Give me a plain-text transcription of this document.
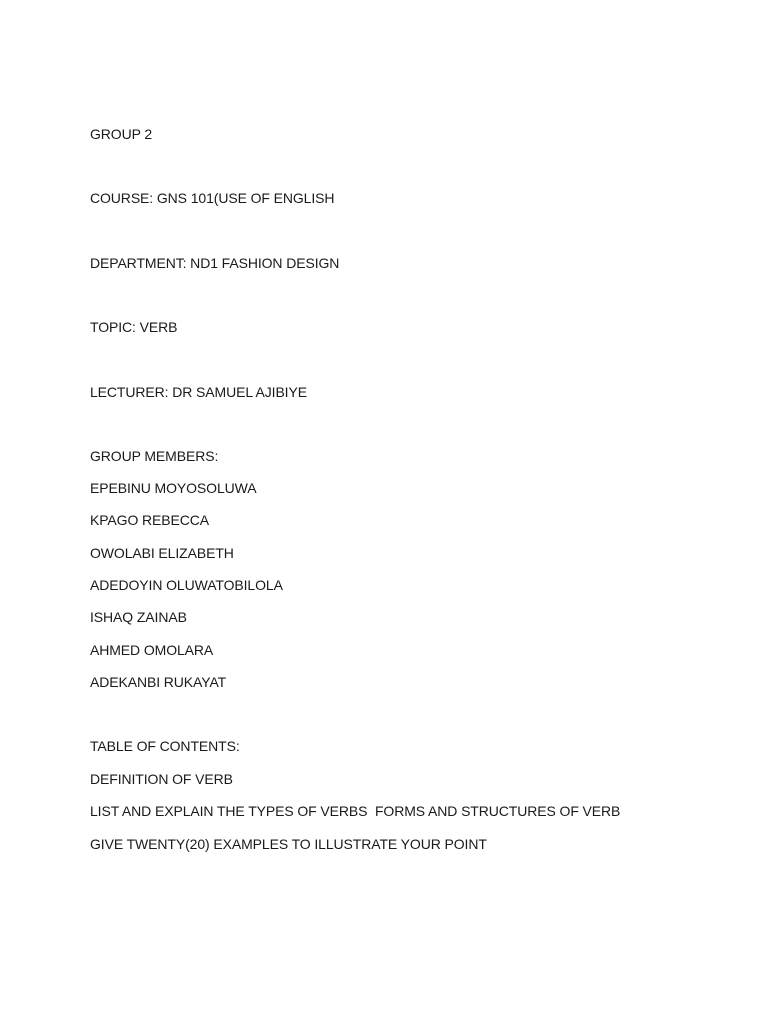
GROUP 2
COURSE: GNS 101(USE OF ENGLISH
DEPARTMENT: ND1 FASHION DESIGN
TOPIC: VERB
LECTURER: DR SAMUEL AJIBIYE
GROUP MEMBERS:
EPEBINU MOYOSOLUWA
KPAGO REBECCA
OWOLABI ELIZABETH
ADEDOYIN OLUWATOBILOLA
ISHAQ ZAINAB
AHMED OMOLARA
ADEKANBI RUKAYAT
TABLE OF CONTENTS:
DEFINITION OF VERB
LIST AND EXPLAIN THE TYPES OF VERBS  FORMS AND STRUCTURES OF VERB
GIVE TWENTY(20) EXAMPLES TO ILLUSTRATE YOUR POINT
